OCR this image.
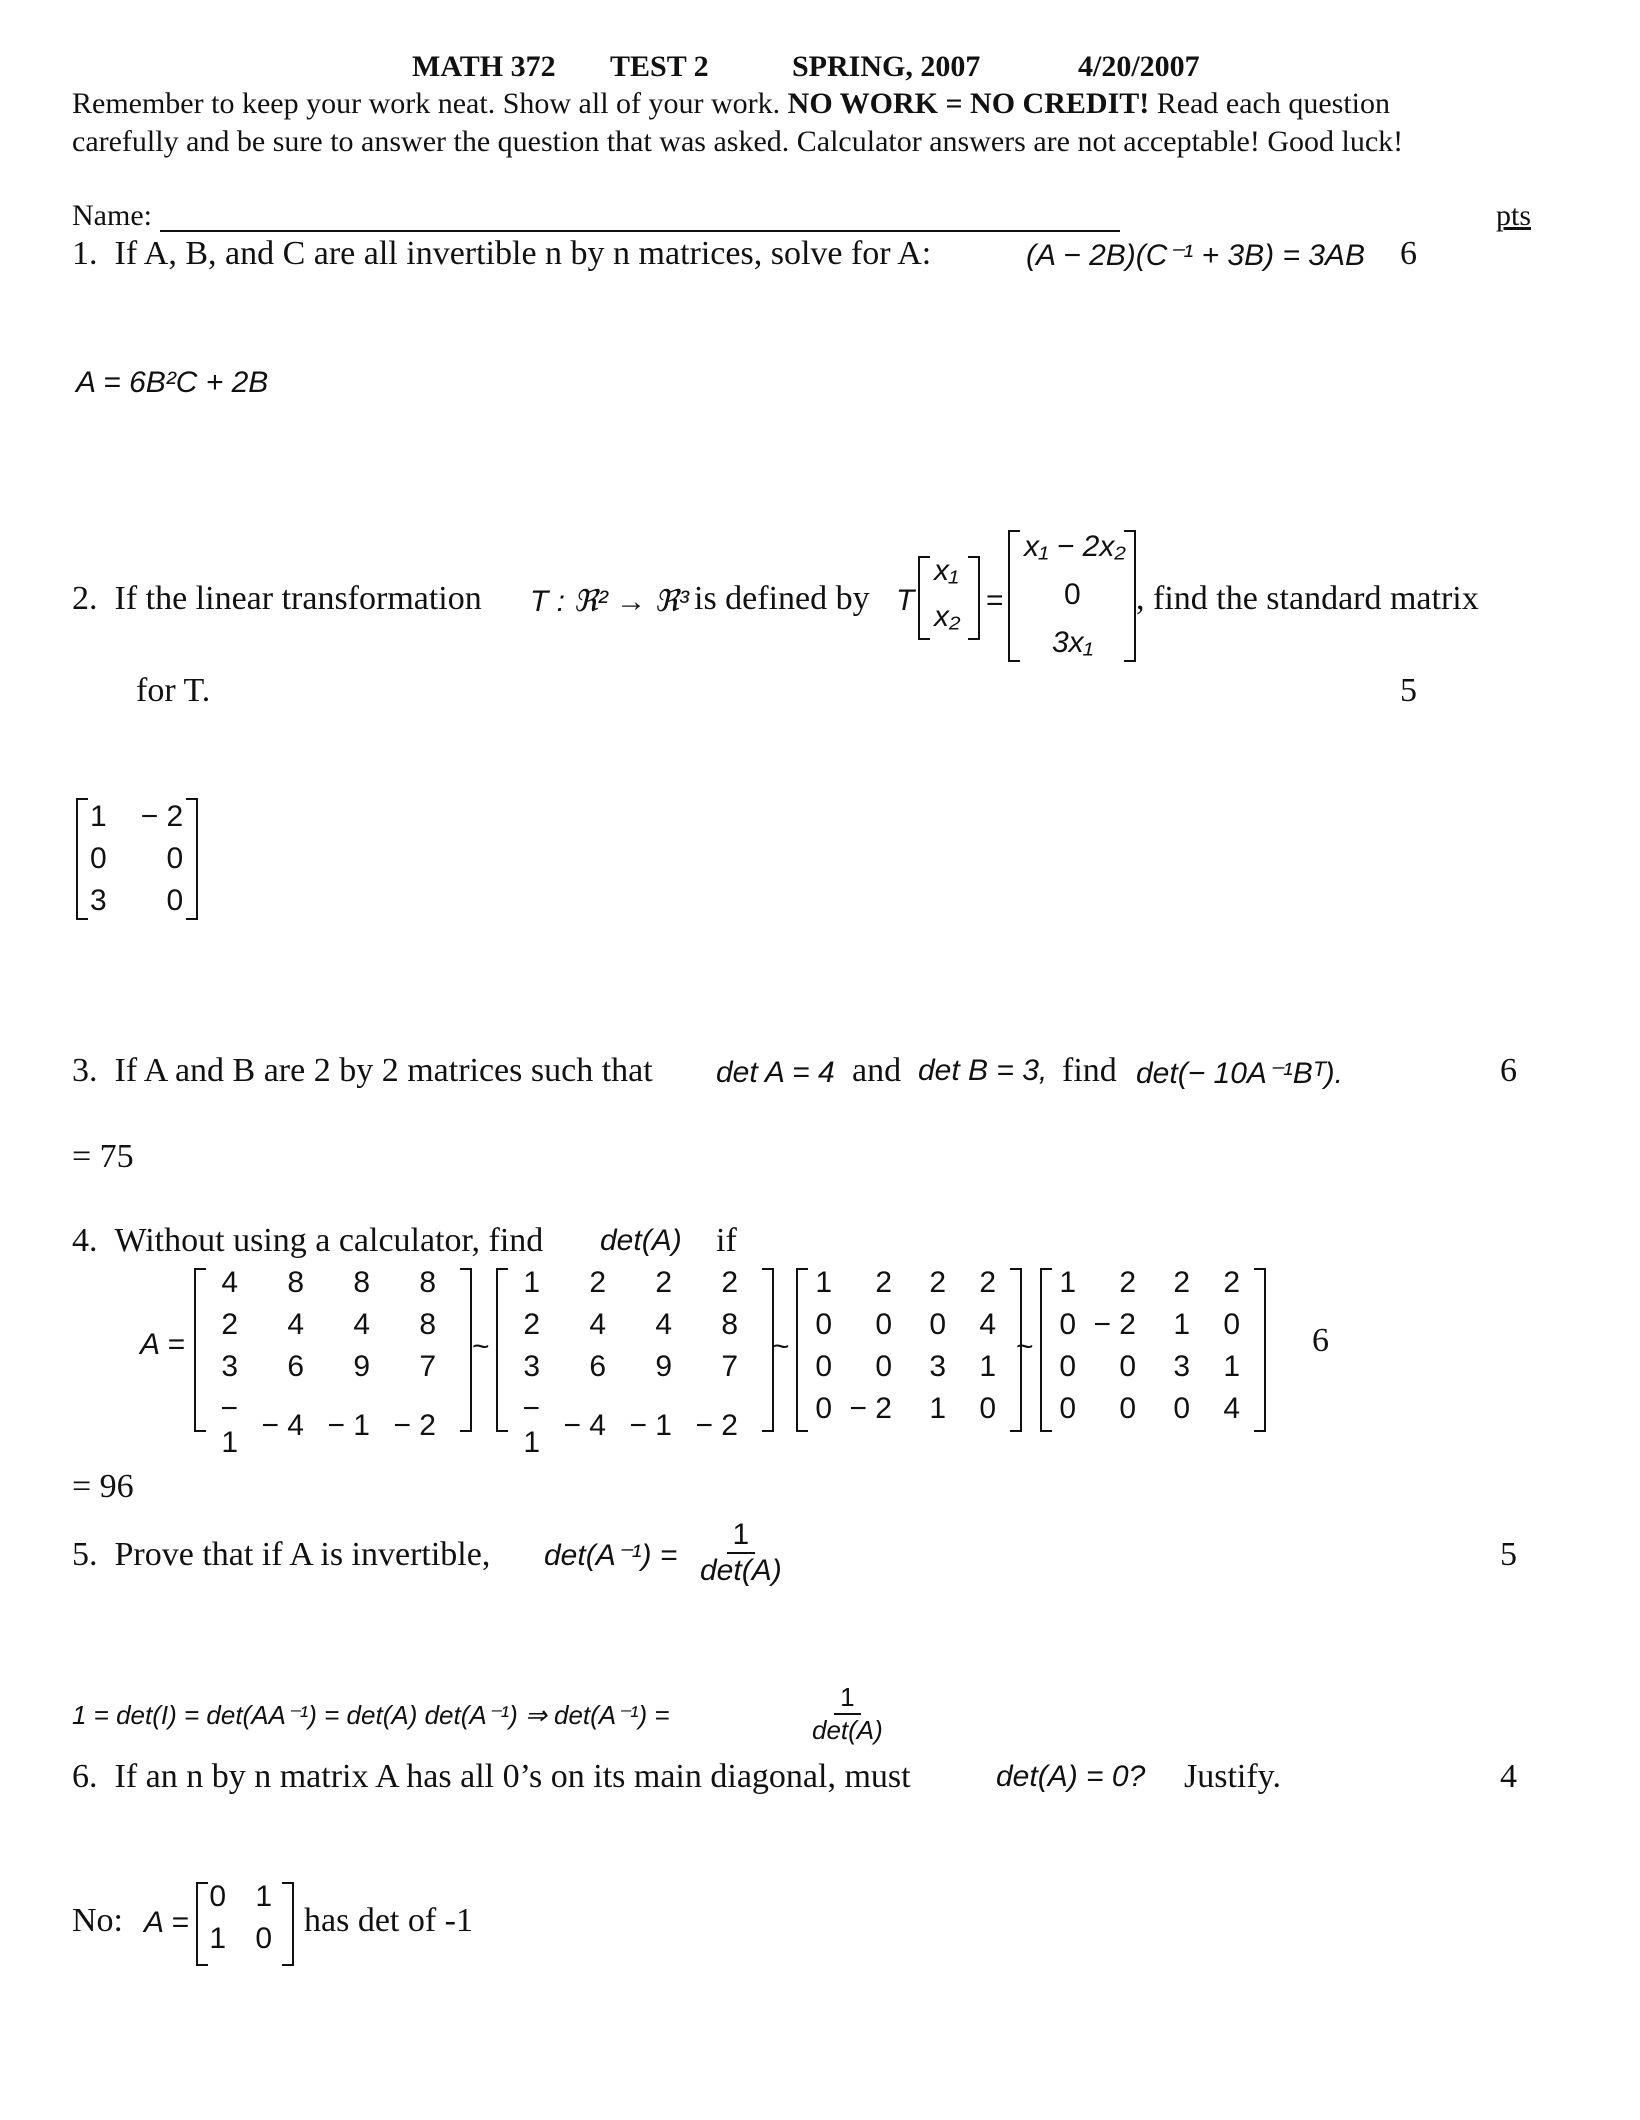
MATH 372 TEST 2	SPRING, 2007	4/20/2007
Remember to keep your work neat. Show all of your work. NO WORK = NO CREDIT! Read each question
carefully and be sure to answer the question that was asked. Calculator answers are not acceptable! Good luck!
Name:	pts
1. If A, B, and C are all invertible n by n matrices, solve for A:	(A − 2B)(C⁻¹ + 3B) = 3AB 6
A = 6B²C + 2B
2. If the linear transformation T : ℜ² → ℜ³ is defined by T
x₁
x₂ =
x₁ − 2x₂
0
3x₁
, find the standard matrix
for T.	5
1	− 2
0	0
3	0
3. If A and B are 2 by 2 matrices such that det A = 4 and det B = 3, find det(− 10A⁻¹Bᵀ).	6
= 75
4. Without using a calculator, find det(A) if
A =
4	8	8	8
2	4	4	8
3	6	9	7
− 1	− 4	− 1	− 2
~
1	2	2	2
2	4	4	8
3	6	9	7
− 1	− 4	− 1	− 2
~
1	2	2	2
0	0	0	4
0	0	3	1
0	− 2	1	0
~
1	2	2	2
0	− 2	1	0
0	0	3	1
0	0	0	4
6
= 96
5. Prove that if A is invertible, $\det(A^{-1}) = \frac{1}{\det(A)}$	5
1 = det(I) = det(AA⁻¹) = det(A) det(A⁻¹) ⇒ det(A⁻¹) =	$\frac{1}{\det(A)}$
6. If an n by n matrix A has all 0’s on its main diagonal, must	det(A) = 0? Justify.	4
No: A =
0	1
1	0 has det of -1
